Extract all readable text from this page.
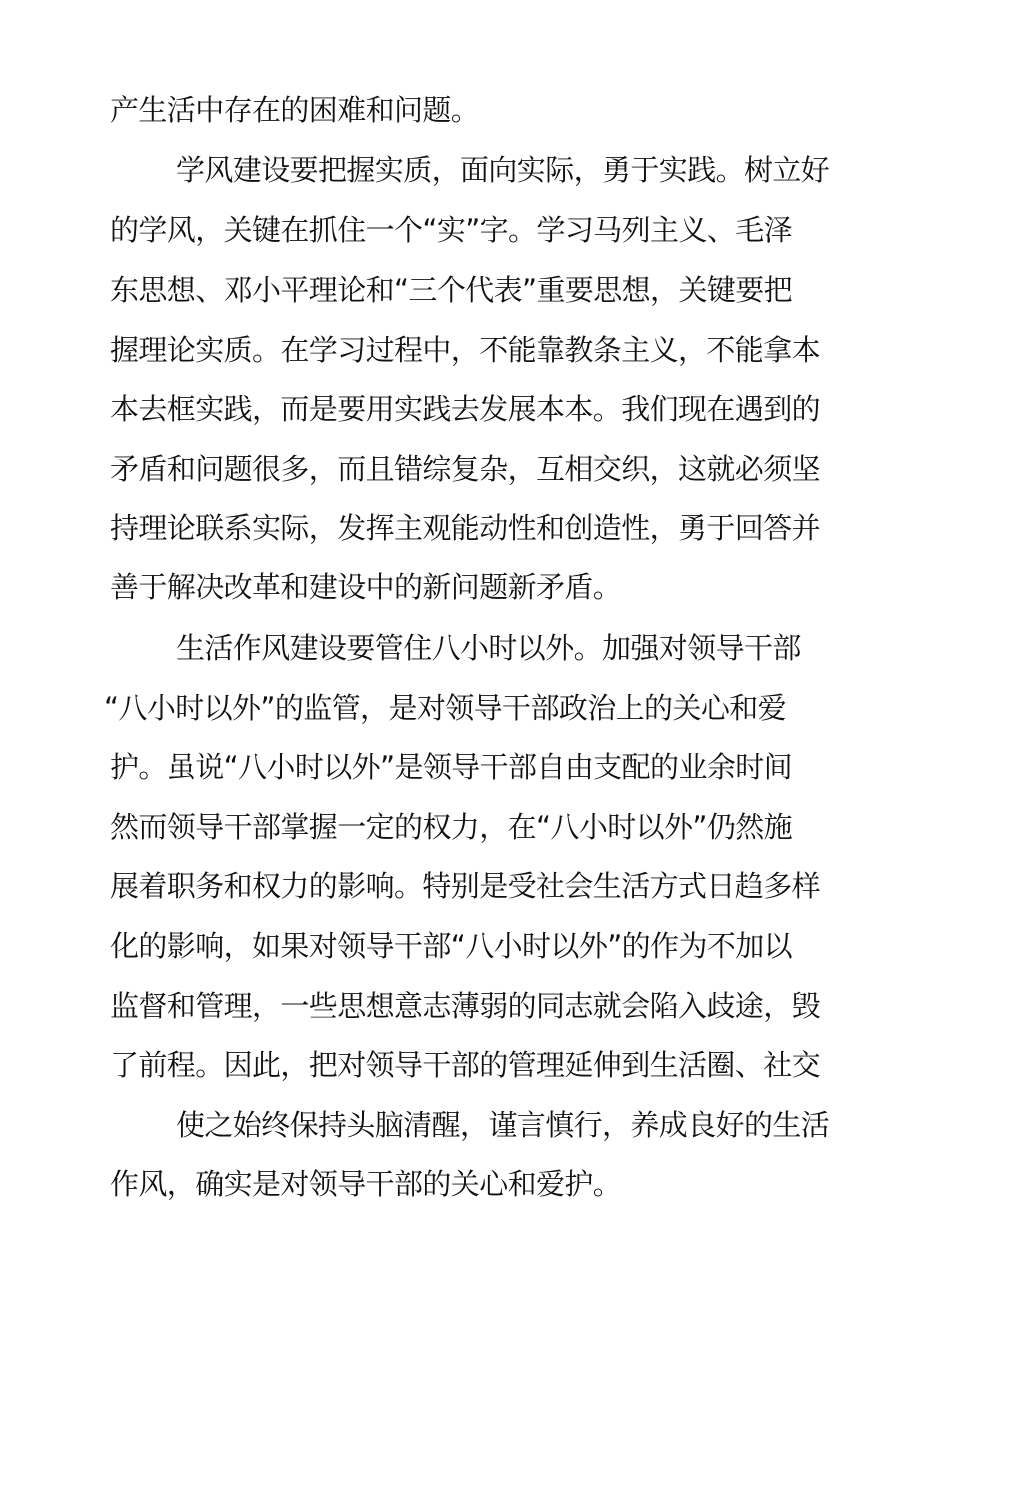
产生活中存在的困难和问题。
学风建设要把握实质，面向实际，勇于实践。树立好
的学风，关键在抓住一个“实”字。学习马列主义、毛泽
东思想、邓小平理论和“三个代表”重要思想，关键要把
握理论实质。在学习过程中，不能靠教条主义，不能拿本
本去框实践，而是要用实践去发展本本。我们现在遇到的
矛盾和问题很多，而且错综复杂，互相交织，这就必须坚
持理论联系实际，发挥主观能动性和创造性，勇于回答并
善于解决改革和建设中的新问题新矛盾。
生活作风建设要管住八小时以外。加强对领导干部
“八小时以外”的监管，是对领导干部政治上的关心和爱
护。虽说“八小时以外”是领导干部自由支配的业余时间
然而领导干部掌握一定的权力，在“八小时以外”仍然施
展着职务和权力的影响。特别是受社会生活方式日趋多样
化的影响，如果对领导干部“八小时以外”的作为不加以
监督和管理，一些思想意志薄弱的同志就会陷入歧途，毁
了前程。因此，把对领导干部的管理延伸到生活圈、社交
使之始终保持头脑清醒，谨言慎行，养成良好的生活
作风，确实是对领导干部的关心和爱护。
